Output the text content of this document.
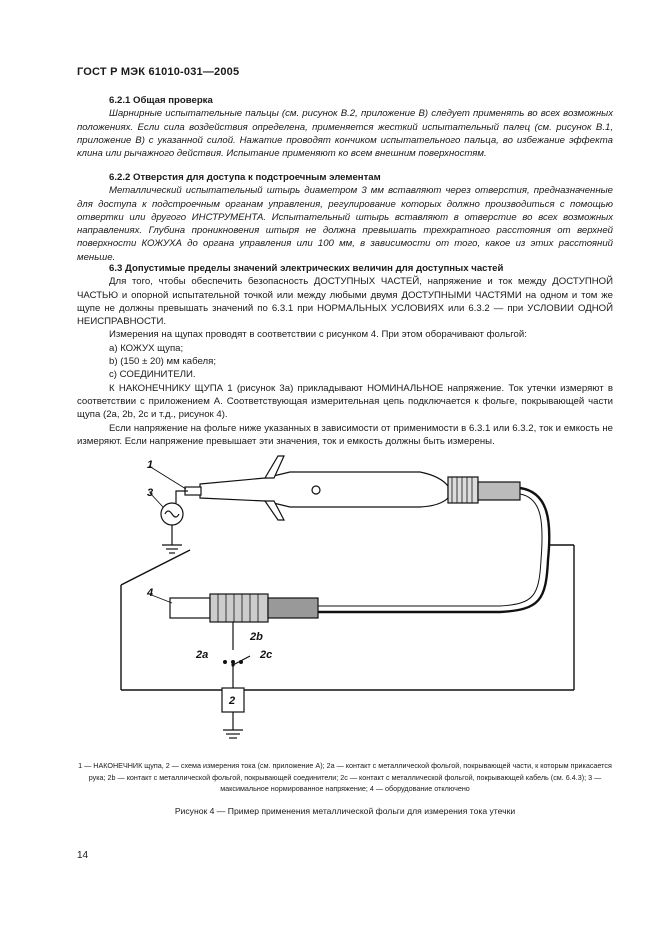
ГОСТ Р МЭК 61010-031—2005
6.2.1 Общая проверка
Шарнирные испытательные пальцы (см. рисунок В.2, приложение В) следует применять во всех возможных положениях. Если сила воздействия определена, применяется жесткий испытательный палец (см. рисунок В.1, приложение В) с указанной силой. Нажатие проводят кончиком испытательного пальца, во избежание эффекта клина или рычажного действия. Испытание применяют ко всем внешним поверхностям.
6.2.2 Отверстия для доступа к подстроечным элементам
Металлический испытательный штырь диаметром 3 мм вставляют через отверстия, предназначенные для доступа к подстроечным органам управления, регулирование которых должно производиться с помощью отвертки или другого ИНСТРУМЕНТА. Испытательный штырь вставляют в отверстие во всех возможных направлениях. Глубина проникновения штыря не должна превышать трехкратного расстояния от верхней поверхности КОЖУХА до органа управления или 100 мм, в зависимости от того, какое из этих расстояний меньше.
6.3 Допустимые пределы значений электрических величин для доступных частей
Для того, чтобы обеспечить безопасность ДОСТУПНЫХ ЧАСТЕЙ, напряжение и ток между ДОСТУПНОЙ ЧАСТЬЮ и опорной испытательной точкой или между любыми двумя ДОСТУПНЫМИ ЧАСТЯМИ на одном и том же щупе не должны превышать значений по 6.3.1 при НОРМАЛЬНЫХ УСЛОВИЯХ или 6.3.2 — при УСЛОВИИ ОДНОЙ НЕИСПРАВНОСТИ.
Измерения на щупах проводят в соответствии с рисунком 4. При этом оборачивают фольгой:
а) КОЖУХ щупа;
b) (150 ± 20) мм кабеля;
с) СОЕДИНИТЕЛИ.
К НАКОНЕЧНИКУ ЩУПА 1 (рисунок 3а) прикладывают НОМИНАЛЬНОЕ напряжение. Ток утечки измеряют в соответствии с приложением А. Соответствующая измерительная цепь подключается к фольге, покрывающей части щупа (2а, 2b, 2с и т.д., рисунок 4).
Если напряжение на фольге ниже указанных в зависимости от применимости в 6.3.1 или 6.3.2, ток и емкость не измеряют. Если напряжение превышает эти значения, ток и емкость должны быть измерены.
1
3
4
2b
2a	2c
2
1 — НАКОНЕЧНИК щупа, 2 — схема измерения тока (см. приложение А); 2а — контакт с металлической фольгой, покрывающей части, к которым прикасается рука; 2b — контакт с металлической фольгой, покрывающей соединители; 2с — контакт с металлической фольгой, покрывающей кабель (см. 6.4.3); 3 — максимальное нормированное напряжение; 4 — оборудование отключено
Рисунок 4 — Пример применения металлической фольги для измерения тока утечки
14
